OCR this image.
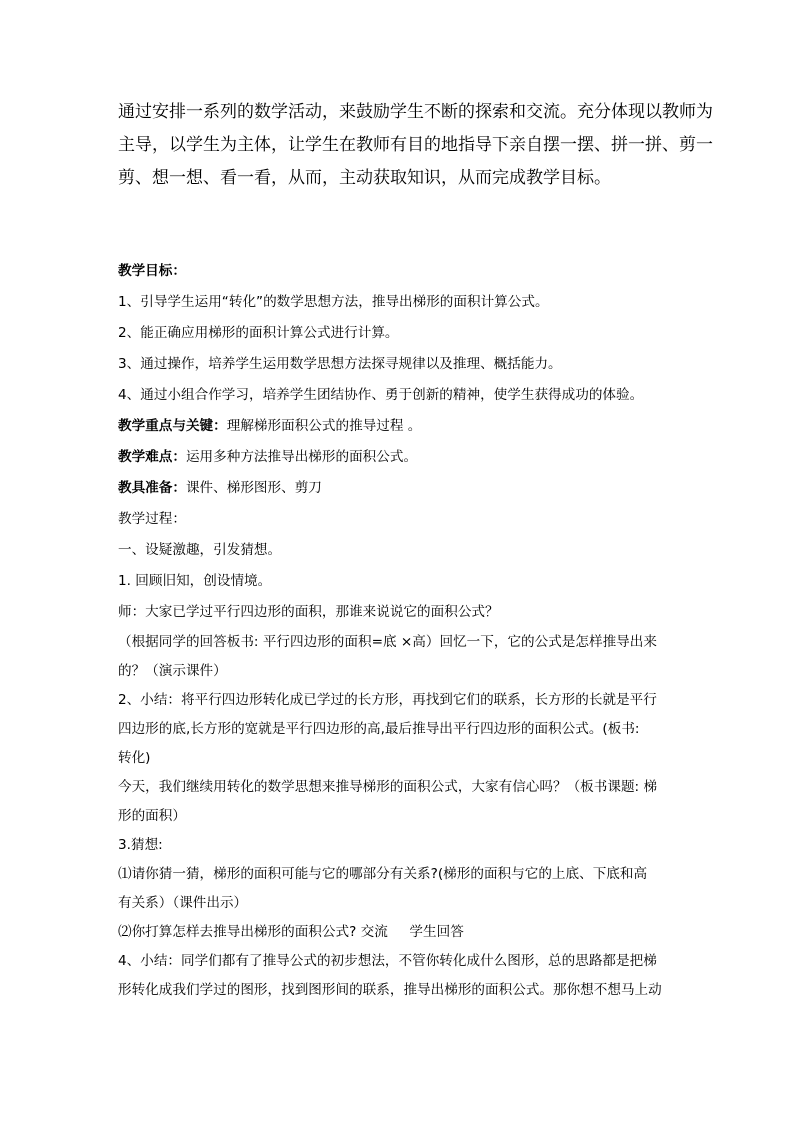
通过安排一系列的数学活动，来鼓励学生不断的探索和交流。充分体现以教师为
主导，以学生为主体，让学生在教师有目的地指导下亲自摆一摆、拼一拼、剪一
剪、想一想、看一看，从而，主动获取知识，从而完成教学目标。
教学目标：
1、引导学生运用“转化”的数学思想方法，推导出梯形的面积计算公式。
2、能正确应用梯形的面积计算公式进行计算。
3、通过操作，培养学生运用数学思想方法探寻规律以及推理、概括能力。
4、通过小组合作学习，培养学生团结协作、勇于创新的精神，使学生获得成功的体验。
教学重点与关键：理解梯形面积公式的推导过程 。
教学难点：运用多种方法推导出梯形的面积公式。
教具准备：课件、梯形图形、剪刀
教学过程：
一、设疑激趣，引发猜想。
1. 回顾旧知，创设情境。
师：大家已学过平行四边形的面积，那谁来说说它的面积公式？
（根据同学的回答板书: 平行四边形的面积=底 ×高）回忆一下，它的公式是怎样推导出来
的？（演示课件）
2、小结：将平行四边形转化成已学过的长方形，再找到它们的联系，长方形的长就是平行
四边形的底,长方形的宽就是平行四边形的高,最后推导出平行四边形的面积公式。(板书:
转化)
今天，我们继续用转化的数学思想来推导梯形的面积公式，大家有信心吗？（板书课题: 梯
形的面积）
3.猜想:
⑴请你猜一猜，梯形的面积可能与它的哪部分有关系?(梯形的面积与它的上底、下底和高
有关系）（课件出示）
⑵你打算怎样去推导出梯形的面积公式? 交流     学生回答
4、小结：同学们都有了推导公式的初步想法，不管你转化成什么图形，总的思路都是把梯
形转化成我们学过的图形，找到图形间的联系，推导出梯形的面积公式。那你想不想马上动
